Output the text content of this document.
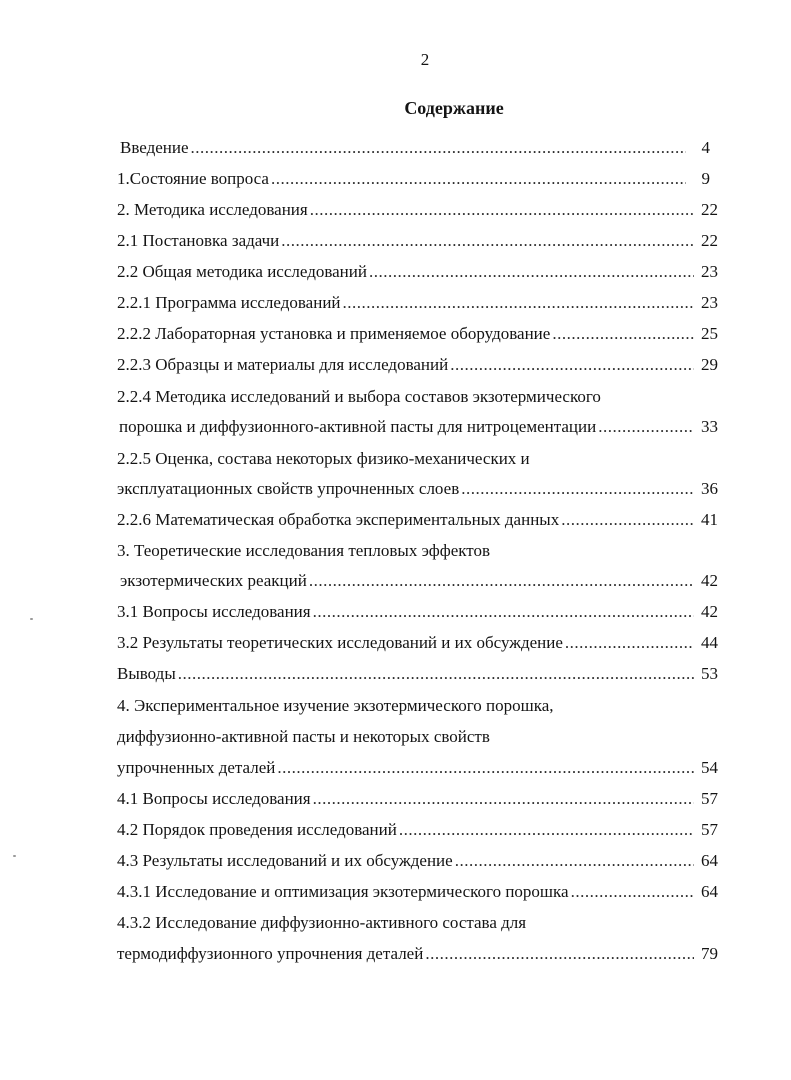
2
Содержание
Введение .....	4
1.Состояние вопроса .....	9
2. Методика исследования .....	22
2.1 Постановка задачи .....	22
2.2 Общая методика исследований .....	23
2.2.1 Программа исследований .....	23
2.2.2 Лабораторная установка и применяемое оборудование .....	25
2.2.3 Образцы и материалы для исследований .....	29
2.2.4 Методика исследований и выбора составов экзотермического
порошка и диффузионного-активной пасты для нитроцементации .....	33
2.2.5 Оценка, состава некоторых физико-механических и
эксплуатационных свойств упрочненных слоев .....	36
2.2.6 Математическая обработка экспериментальных данных .....	41
3. Теоретические исследования тепловых эффектов
экзотермических реакций .....	42
3.1 Вопросы исследования .....	42
3.2 Результаты теоретических исследований и их обсуждение .....	44
Выводы .....	53
4. Экспериментальное изучение экзотермического порошка,
диффузионно-активной пасты и некоторых свойств
упрочненных деталей .....	54
4.1 Вопросы исследования .....	57
4.2 Порядок проведения исследований .....	57
4.3 Результаты исследований и их обсуждение .....	64
4.3.1 Исследование и оптимизация экзотермического порошка .....	64
4.3.2 Исследование диффузионно-активного состава для
термодиффузионного упрочнения деталей .....	79
